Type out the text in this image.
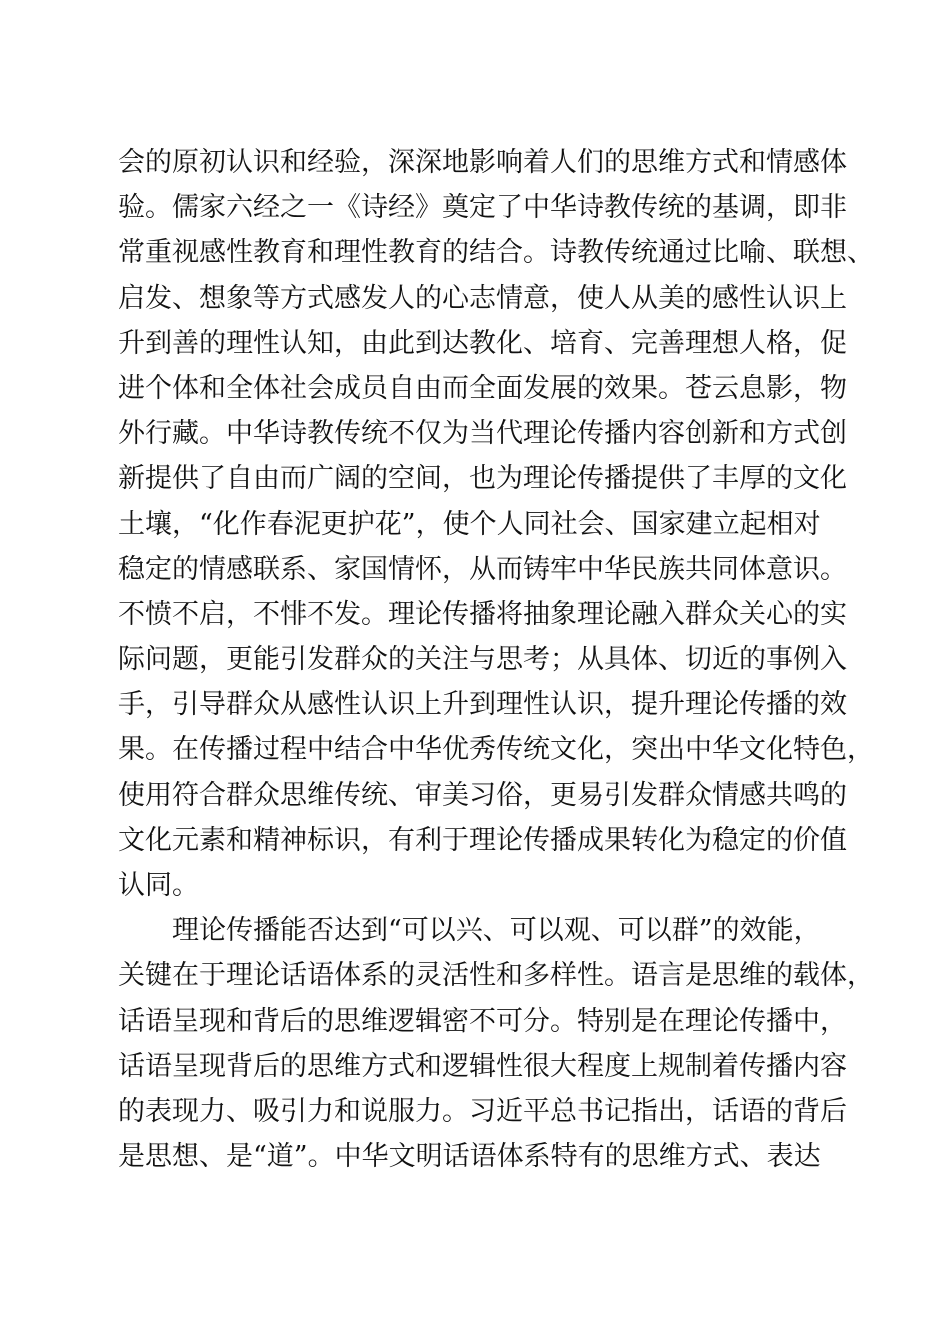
会的原初认识和经验，深深地影响着人们的思维方式和情感体
验。儒家六经之一《诗经》奠定了中华诗教传统的基调，即非
常重视感性教育和理性教育的结合。诗教传统通过比喻、联想、
启发、想象等方式感发人的心志情意，使人从美的感性认识上
升到善的理性认知，由此到达教化、培育、完善理想人格，促
进个体和全体社会成员自由而全面发展的效果。苍云息影，物
外行藏。中华诗教传统不仅为当代理论传播内容创新和方式创
新提供了自由而广阔的空间，也为理论传播提供了丰厚的文化
土壤，“化作春泥更护花”，使个人同社会、国家建立起相对
稳定的情感联系、家国情怀，从而铸牢中华民族共同体意识。
不愤不启，不悱不发。理论传播将抽象理论融入群众关心的实
际问题，更能引发群众的关注与思考；从具体、切近的事例入
手，引导群众从感性认识上升到理性认识，提升理论传播的效
果。在传播过程中结合中华优秀传统文化，突出中华文化特色，
使用符合群众思维传统、审美习俗，更易引发群众情感共鸣的
文化元素和精神标识，有利于理论传播成果转化为稳定的价值
认同。
理论传播能否达到“可以兴、可以观、可以群”的效能，
关键在于理论话语体系的灵活性和多样性。语言是思维的载体，
话语呈现和背后的思维逻辑密不可分。特别是在理论传播中，
话语呈现背后的思维方式和逻辑性很大程度上规制着传播内容
的表现力、吸引力和说服力。习近平总书记指出，话语的背后
是思想、是“道”。中华文明话语体系特有的思维方式、表达
